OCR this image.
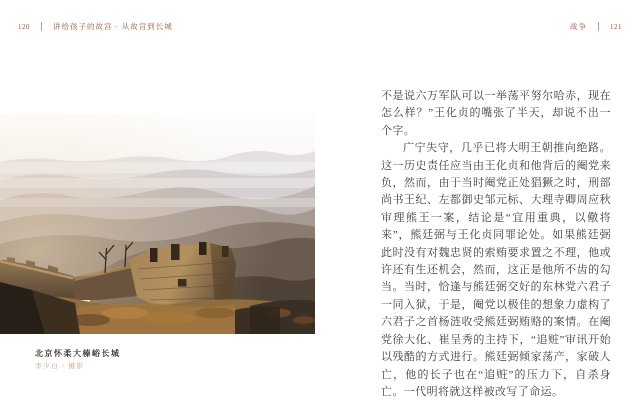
120	讲给孩子的故宫 · 从故宫到长城	战争	121
北京怀柔大榛峪长城
李少白 / 摄影

不是说六万军队可以一举荡平努尔哈赤，现在怎么样？”王化贞的嘴张了半天，却说不出一个字。

广宁失守，几乎已将大明王朝推向绝路。这一历史责任应当由王化贞和他背后的阉党来负，然而，由于当时阉党正处猖獗之时，刑部尚书王纪、左都御史邹元标、大理寺卿周应秋审理熊王一案，结论是“宜用重典，以儆将来”，熊廷弼与王化贞同罪论处。如果熊廷弼此时没有对魏忠贤的索贿要求置之不理，他或许还有生还机会，然而，这正是他所不齿的勾当。当时，恰逢与熊廷弼交好的东林党六君子一同入狱，于是，阉党以极佳的想象力虚构了六君子之首杨涟收受熊廷弼贿赂的案情。在阉党徐大化、崔呈秀的主持下，“追赃”审讯开始以残酷的方式进行。熊廷弼倾家荡产，家破人亡，他的长子也在“追赃”的压力下，自杀身亡。一代明将就这样被改写了命运。
